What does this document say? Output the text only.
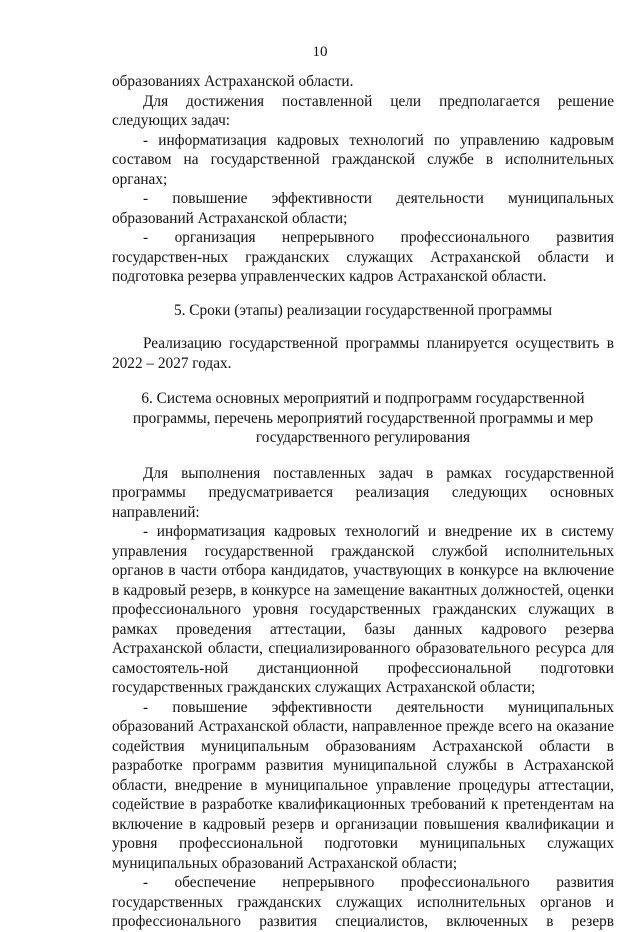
10

образованиях Астраханской области.

Для достижения поставленной цели предполагается решение следующих задач:

- информатизация кадровых технологий по управлению кадровым составом на государственной гражданской службе в исполнительных органах;

- повышение эффективности деятельности муниципальных образований Астраханской области;

- организация непрерывного профессионального развития государствен-ных гражданских служащих Астраханской области и подготовка резерва управленческих кадров Астраханской области.

5. Сроки (этапы) реализации государственной программы

Реализацию государственной программы планируется осуществить в 2022 – 2027 годах.

6. Система основных мероприятий и подпрограмм государственной

программы, перечень мероприятий государственной программы и мер

государственного регулирования

Для выполнения поставленных задач в рамках государственной программы предусматривается реализация следующих основных направлений:

- информатизация кадровых технологий и внедрение их в систему управления государственной гражданской службой исполнительных органов в части отбора кандидатов, участвующих в конкурсе на включение в кадровый резерв, в конкурсе на замещение вакантных должностей, оценки профессионального уровня государственных гражданских служащих в рамках проведения аттестации, базы данных кадрового резерва Астраханской области, специализированного образовательного ресурса для самостоятель-ной дистанционной профессиональной подготовки государственных гражданских служащих Астраханской области;

- повышение эффективности деятельности муниципальных образований Астраханской области, направленное прежде всего на оказание содействия муниципальным образованиям Астраханской области в разработке программ развития муниципальной службы в Астраханской области, внедрение в муниципальное управление процедуры аттестации, содействие в разработке квалификационных требований к претендентам на включение в кадровый резерв и организации повышения квалификации и уровня профессиональной подготовки муниципальных служащих муниципальных образований Астраханской области;

- обеспечение непрерывного профессионального развития государственных гражданских служащих исполнительных органов и профессионального развития специалистов, включенных в резерв
